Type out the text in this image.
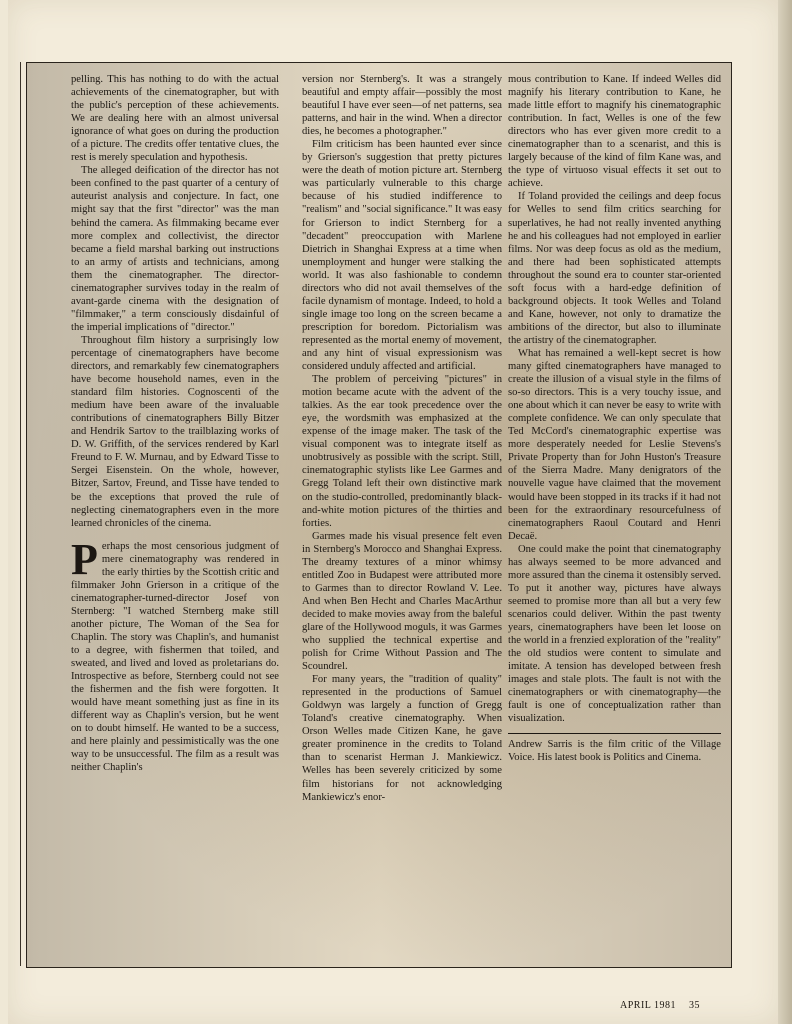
pelling. This has nothing to do with the actual achievements of the cinematographer, but with the public's perception of these achievements. We are dealing here with an almost universal ignorance of what goes on during the production of a picture. The credits offer tentative clues, the rest is merely speculation and hypothesis.

The alleged deification of the director has not been confined to the past quarter of a century of auteurist analysis and conjecture. In fact, one might say that the first "director" was the man behind the camera. As filmmaking became ever more complex and collectivist, the director became a field marshal barking out instructions to an army of artists and technicians, among them the cinematographer. The director-cinematographer survives today in the realm of avant-garde cinema with the designation of "filmmaker," a term consciously disdainful of the imperial implications of "director."

Throughout film history a surprisingly low percentage of cinematographers have become directors, and remarkably few cinematographers have become household names, even in the standard film histories. Cognoscenti of the medium have been aware of the invaluable contributions of cinematographers Billy Bitzer and Hendrik Sartov to the trailblazing works of D. W. Griffith, of the services rendered by Karl Freund to F. W. Murnau, and by Edward Tisse to Sergei Eisenstein. On the whole, however, Bitzer, Sartov, Freund, and Tisse have tended to be the exceptions that proved the rule of neglecting cinematographers even in the more learned chronicles of the cinema.

P erhaps the most censorious judgment of mere cinematography was rendered in the early thirties by the Scottish critic and filmmaker John Grierson in a critique of the cinematographer-turned-director Josef von Sternberg: "I watched Sternberg make still another picture, The Woman of the Sea for Chaplin. The story was Chaplin's, and humanist to a degree, with fishermen that toiled, and sweated, and lived and loved as proletarians do. Introspective as before, Sternberg could not see the fishermen and the fish were forgotten. It would have meant something just as fine in its different way as Chaplin's version, but he went on to doubt himself. He wanted to be a success, and here plainly and pessimistically was the one way to be unsuccessful. The film as a result was neither Chaplin's

version nor Sternberg's. It was a strangely beautiful and empty affair—possibly the most beautiful I have ever seen—of net patterns, sea patterns, and hair in the wind. When a director dies, he becomes a photographer."

Film criticism has been haunted ever since by Grierson's suggestion that pretty pictures were the death of motion picture art. Sternberg was particularly vulnerable to this charge because of his studied indifference to "realism" and "social significance." It was easy for Grierson to indict Sternberg for a "decadent" preoccupation with Marlene Dietrich in Shanghai Express at a time when unemployment and hunger were stalking the world. It was also fashionable to condemn directors who did not avail themselves of the facile dynamism of montage. Indeed, to hold a single image too long on the screen became a prescription for boredom. Pictorialism was represented as the mortal enemy of movement, and any hint of visual expressionism was considered unduly affected and artificial.

The problem of perceiving "pictures" in motion became acute with the advent of the talkies. As the ear took precedence over the eye, the wordsmith was emphasized at the expense of the image maker. The task of the visual component was to integrate itself as unobtrusively as possible with the script. Still, cinematographic stylists like Lee Garmes and Gregg Toland left their own distinctive mark on the studio-controlled, predominantly black-and-white motion pictures of the thirties and forties.

Garmes made his visual presence felt even in Sternberg's Morocco and Shanghai Express. The dreamy textures of a minor whimsy entitled Zoo in Budapest were attributed more to Garmes than to director Rowland V. Lee. And when Ben Hecht and Charles MacArthur decided to make movies away from the baleful glare of the Hollywood moguls, it was Garmes who supplied the technical expertise and polish for Crime Without Passion and The Scoundrel.

For many years, the "tradition of quality" represented in the productions of Samuel Goldwyn was largely a function of Gregg Toland's creative cinematography. When Orson Welles made Citizen Kane, he gave greater prominence in the credits to Toland than to scenarist Herman J. Mankiewicz. Welles has been severely criticized by some film historians for not acknowledging Mankiewicz's enor-

mous contribution to Kane. If indeed Welles did magnify his literary contribution to Kane, he made little effort to magnify his cinematographic contribution. In fact, Welles is one of the few directors who has ever given more credit to a cinematographer than to a scenarist, and this is largely because of the kind of film Kane was, and the type of virtuoso visual effects it set out to achieve.

If Toland provided the ceilings and deep focus for Welles to send film critics searching for superlatives, he had not really invented anything he and his colleagues had not employed in earlier films. Nor was deep focus as old as the medium, and there had been sophisticated attempts throughout the sound era to counter star-oriented soft focus with a hard-edge definition of background objects. It took Welles and Toland and Kane, however, not only to dramatize the ambitions of the director, but also to illuminate the artistry of the cinematographer.

What has remained a well-kept secret is how many gifted cinematographers have managed to create the illusion of a visual style in the films of so-so directors. This is a very touchy issue, and one about which it can never be easy to write with complete confidence. We can only speculate that Ted McCord's cinematographic expertise was more desperately needed for Leslie Stevens's Private Property than for John Huston's Treasure of the Sierra Madre. Many denigrators of the nouvelle vague have claimed that the movement would have been stopped in its tracks if it had not been for the extraordinary resourcefulness of cinematographers Raoul Coutard and Henri Decaë.

One could make the point that cinematography has always seemed to be more advanced and more assured than the cinema it ostensibly served. To put it another way, pictures have always seemed to promise more than all but a very few scenarios could deliver. Within the past twenty years, cinematographers have been let loose on the world in a frenzied exploration of the "reality" the old studios were content to simulate and imitate. A tension has developed between fresh images and stale plots. The fault is not with the cinematographers or with cinematography—the fault is one of conceptualization rather than visualization.

Andrew Sarris is the film critic of the Village Voice. His latest book is Politics and Cinema.

APRIL 1981 35
